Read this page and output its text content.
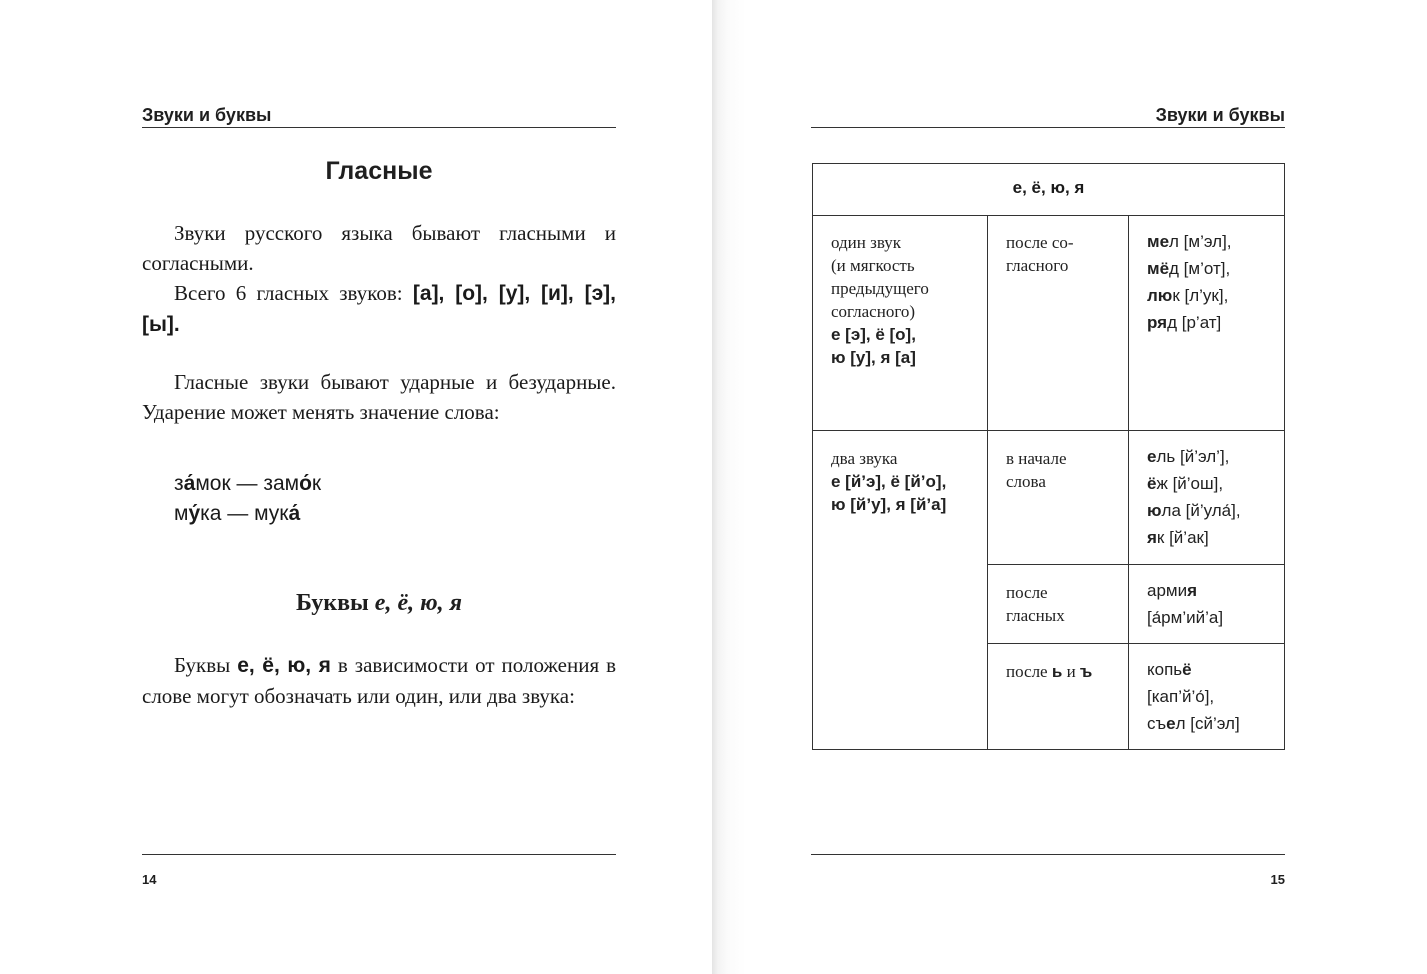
Звуки и буквы
Гласные

Звуки русского языка бывают гласными и согласными.

Всего 6 гласных звуков: [а], [о], [у], [и], [э], [ы].

Гласные звуки бывают ударные и безударные. Ударение может менять значение слова:

за́мок — замо́к
му́ка — мука́
Буквы е, ё, ю, я

Буквы е, ё, ю, я в зависимости от положения в слове могут обозначать или один, или два звука:

14
Звуки и буквы
15
е, ё, ю, я
один звук
(и мягкость
предыдущего
согласного)
е [э], ё [о],
ю [у], я [а]
после со-
гласного
мел [м’эл],
мёд [м’от],
люк [л’ук],
ряд [р’ат]
два звука
е [й’э], ё [й’о],
ю [й’у], я [й’а]
в начале
слова
ель [й’эл’],
ёж [й’ош],
юла [й’ула́],
як [й’ак]
после
гласных
армия
[а́рм’ий’а]
после ь и ъ	копьё
[кап’й’о́],
съел [сй’эл]
